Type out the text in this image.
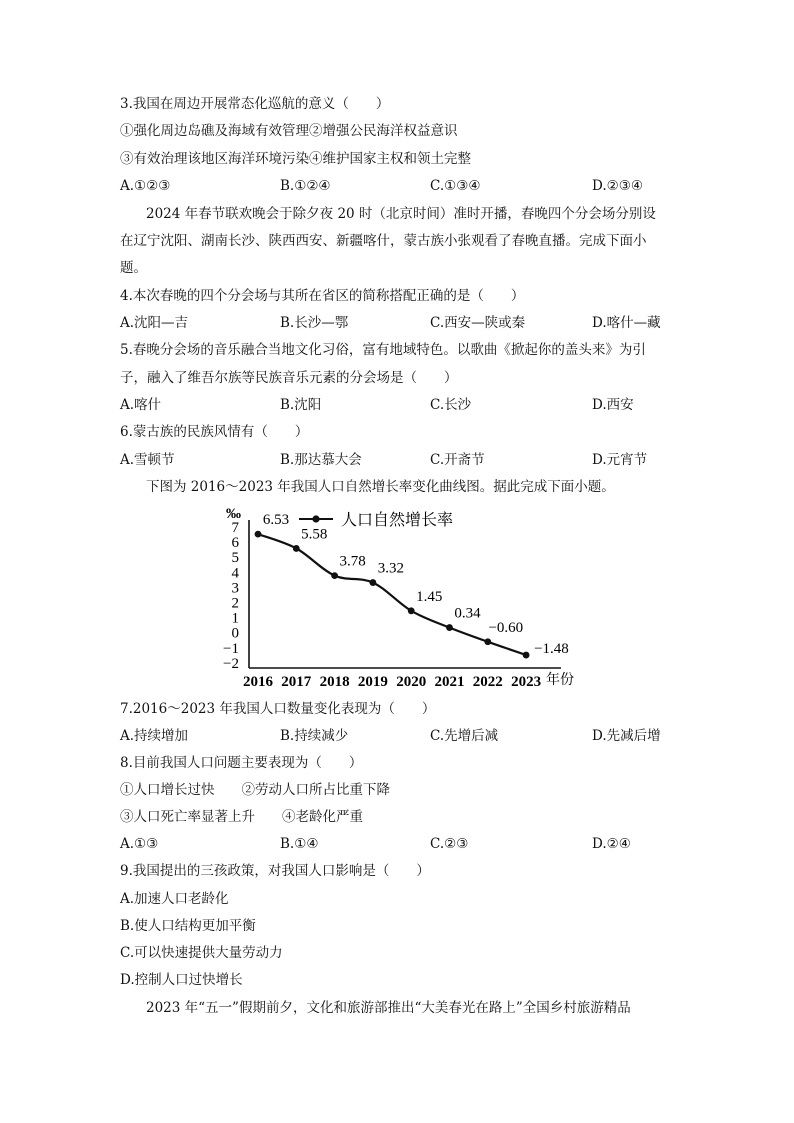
3.我国在周边开展常态化巡航的意义（　　）
①强化周边岛礁及海域有效管理②增强公民海洋权益意识
③有效治理该地区海洋环境污染④维护国家主权和领土完整
A.①②③	B.①②④	C.①③④	D.②③④
2024 年春节联欢晚会于除夕夜 20 时（北京时间）准时开播，春晚四个分会场分别设
在辽宁沈阳、湖南长沙、陕西西安、新疆喀什，蒙古族小张观看了春晚直播。完成下面小
题。
4.本次春晚的四个分会场与其所在省区的简称搭配正确的是（　　）
A.沈阳—吉	B.长沙—鄂	C.西安—陕或秦	D.喀什—藏
5.春晚分会场的音乐融合当地文化习俗，富有地域特色。以歌曲《掀起你的盖头来》为引
子，融入了维吾尔族等民族音乐元素的分会场是（　　）
A.喀什	B.沈阳	C.长沙	D.西安
6.蒙古族的民族风情有（　　）
A.雪顿节	B.那达慕大会	C.开斋节	D.元宵节
下图为 2016～2023 年我国人口自然增长率变化曲线图。据此完成下面小题。
7
6
5
4
3
2
1
0
−1
−2
2016 2017 2018 2019 2020 2021 2022 2023
6.53
5.58
3.78 3.32
1.45
0.34
−0.60
−1.48
‰
年份
人口自然增长率
7.2016～2023 年我国人口数量变化表现为（　　）
A.持续增加	B.持续减少	C.先增后减	D.先减后增
8.目前我国人口问题主要表现为（　　）
①人口增长过快　　②劳动人口所占比重下降
③人口死亡率显著上升　　④老龄化严重
A.①③	B.①④	C.②③	D.②④
9.我国提出的三孩政策，对我国人口影响是（　　）
A.加速人口老龄化
B.使人口结构更加平衡
C.可以快速提供大量劳动力
D.控制人口过快增长
2023 年“五一”假期前夕，文化和旅游部推出“大美春光在路上”全国乡村旅游精品
